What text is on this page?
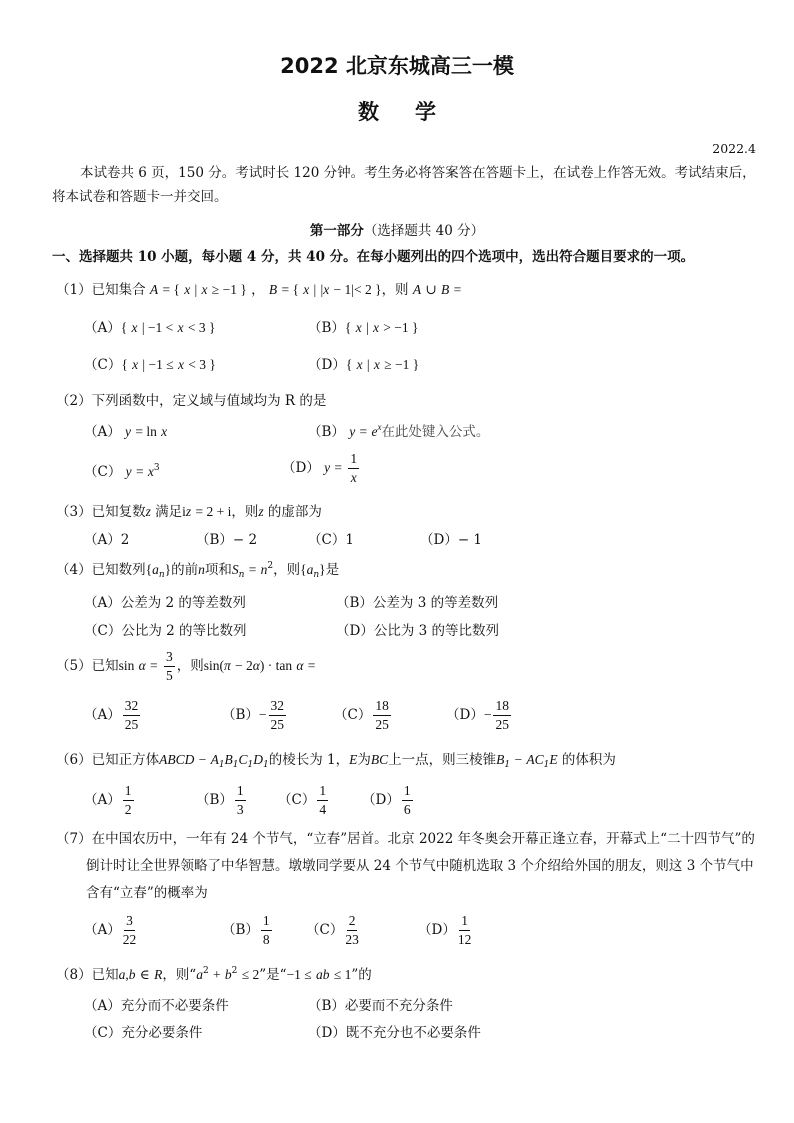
2022 北京东城高三一模
数学
2022.4
本试卷共 6 页，150 分。考试时长 120 分钟。考生务必将答案答在答题卡上，在试卷上作答无效。考试结束后，将本试卷和答题卡一并交回。
第一部分（选择题共 40 分）
一、选择题共 10 小题，每小题 4 分，共 40 分。在每小题列出的四个选项中，选出符合题目要求的一项。
（1）已知集合 A = { x | x ≥ −1 } ， B = { x | |x − 1|< 2 }，则 A ∪ B =
（A）{ x | −1 < x < 3 }	（B）{ x | x > −1 }
（C）{ x | −1 ≤ x < 3 }	（D）{ x | x ≥ −1 }
（2）下列函数中，定义域与值域均为 R 的是
（A） y = ln x	（B） $y = e^x$在此处键入公式。
（C） $y = x^3$	（D） $y = \frac{1}{x}$
（3）已知复数z 满足iz = 2 + i，则z 的虚部为
（A）2	（B）− 2	（C）1	（D）− 1
（4）已知数列$\{a_n\}$的前n项和$S_n = n^2$，则$\{a_n\}$是
（A）公差为 2 的等差数列	（B）公差为 3 的等差数列
（C）公比为 2 的等比数列	（D）公比为 3 的等比数列
（5）已知$\sin \alpha = \frac{3}{5}$ ，则sin(π − 2α) · tan α =
$(A) \frac{32}{25}$	$(B)- \frac{32}{25}$	$(C) \frac{18}{25}$	$(D)- \frac{18}{25}$
（6）已知正方体ABCD − $A_1B_1C_1D_1$的棱长为 1，E为BC上一点，则三棱锥$B_1 - AC_1E$ 的体积为
$(A) \frac{1}{2}$	$(B) \frac{1}{3} (C) \frac{1}{4}$	$(D) \frac{1}{6}$
（7） 在中国农历中，一年有 24 个节气，“立春”居首。北京 2022 年冬奥会开幕正逢立春，开幕式上“二十四节气”的倒计时让全世界领略了中华智慧。墩墩同学要从 24 个节气中随机选取 3 个介绍给外国的朋友，则这 3 个节气中含有“立春”的概率为
$(A) \frac{3}{22}$	$(B) \frac{1}{8}$	$(C) \frac{2}{23}$	$(D) \frac{1}{12}$
（8）已知a,b ∈ R，则“$a^2 + b^2 \le 2$”是“−1 ≤ ab ≤ 1”的
（A）充分而不必要条件	（B）必要而不充分条件
（C）充分必要条件	（D）既不充分也不必要条件
